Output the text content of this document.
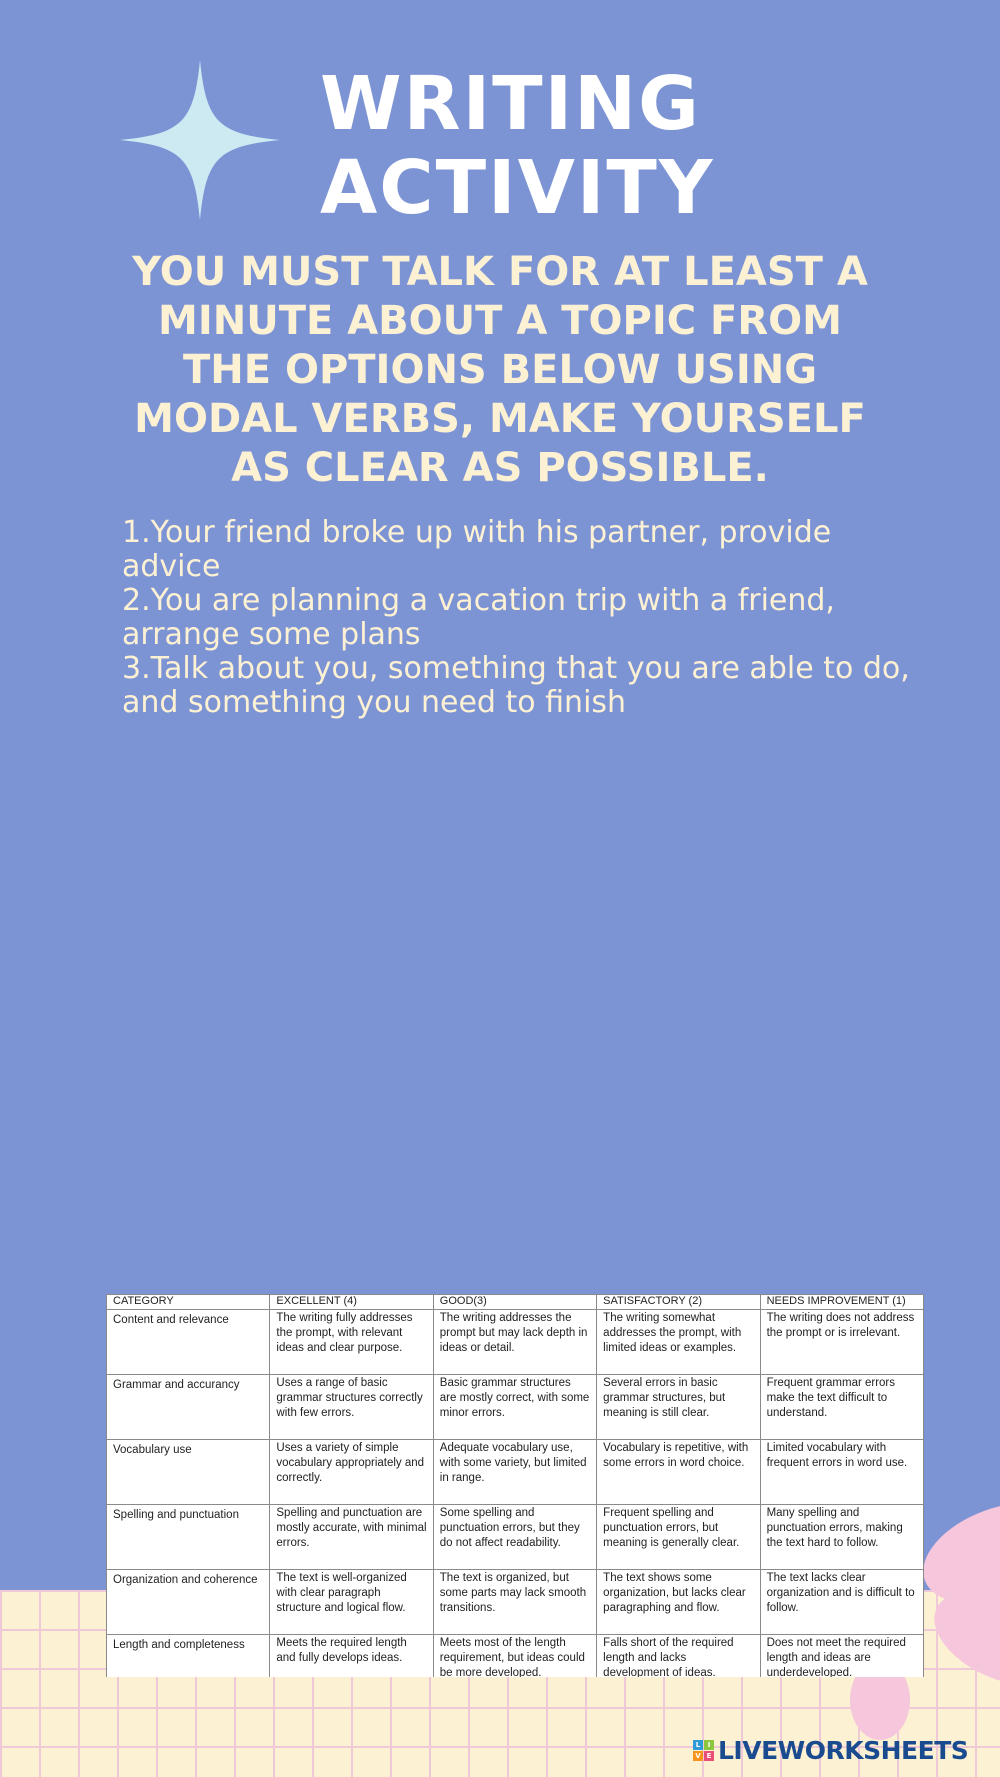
WRITING
ACTIVITY

YOU MUST TALK FOR AT LEAST A MINUTE ABOUT A TOPIC FROM THE OPTIONS BELOW USING MODAL VERBS, MAKE YOURSELF AS CLEAR AS POSSIBLE.

1.Your friend broke up with his partner, provide advice
2.You are planning a vacation trip with a friend, arrange some plans
3.Talk about you, something that you are able to do, and something you need to finish
CATEGORY	EXCELLENT (4)	GOOD(3)	SATISFACTORY (2)	NEEDS IMPROVEMENT (1)
Content and relevance	The writing fully addresses the prompt, with relevant ideas and clear purpose.	The writing addresses the prompt but may lack depth in ideas or detail.	The writing somewhat addresses the prompt, with limited ideas or examples.	The writing does not address the prompt or is irrelevant.
Grammar and accurancy	Uses a range of basic grammar structures correctly with few errors.	Basic grammar structures are mostly correct, with some minor errors.	Several errors in basic grammar structures, but meaning is still clear.	Frequent grammar errors make the text difficult to understand.
Vocabulary use	Uses a variety of simple vocabulary appropriately and correctly.	Adequate vocabulary use, with some variety, but limited in range.	Vocabulary is repetitive, with some errors in word choice.	Limited vocabulary with frequent errors in word use.
Spelling and punctuation	Spelling and punctuation are mostly accurate, with minimal errors.	Some spelling and punctuation errors, but they do not affect readability.	Frequent spelling and punctuation errors, but meaning is generally clear.	Many spelling and punctuation errors, making the text hard to follow.
Organization and coherence	The text is well-organized with clear paragraph structure and logical flow.	The text is organized, but some parts may lack smooth transitions.	The text shows some organization, but lacks clear paragraphing and flow.	The text lacks clear organization and is difficult to follow.
Length and completeness	Meets the required length and fully develops ideas.	Meets most of the length requirement, but ideas could be more developed.	Falls short of the required length and lacks development of ideas.	Does not meet the required length and ideas are underdeveloped.
L	I
V E LIVEWORKSHEETS
